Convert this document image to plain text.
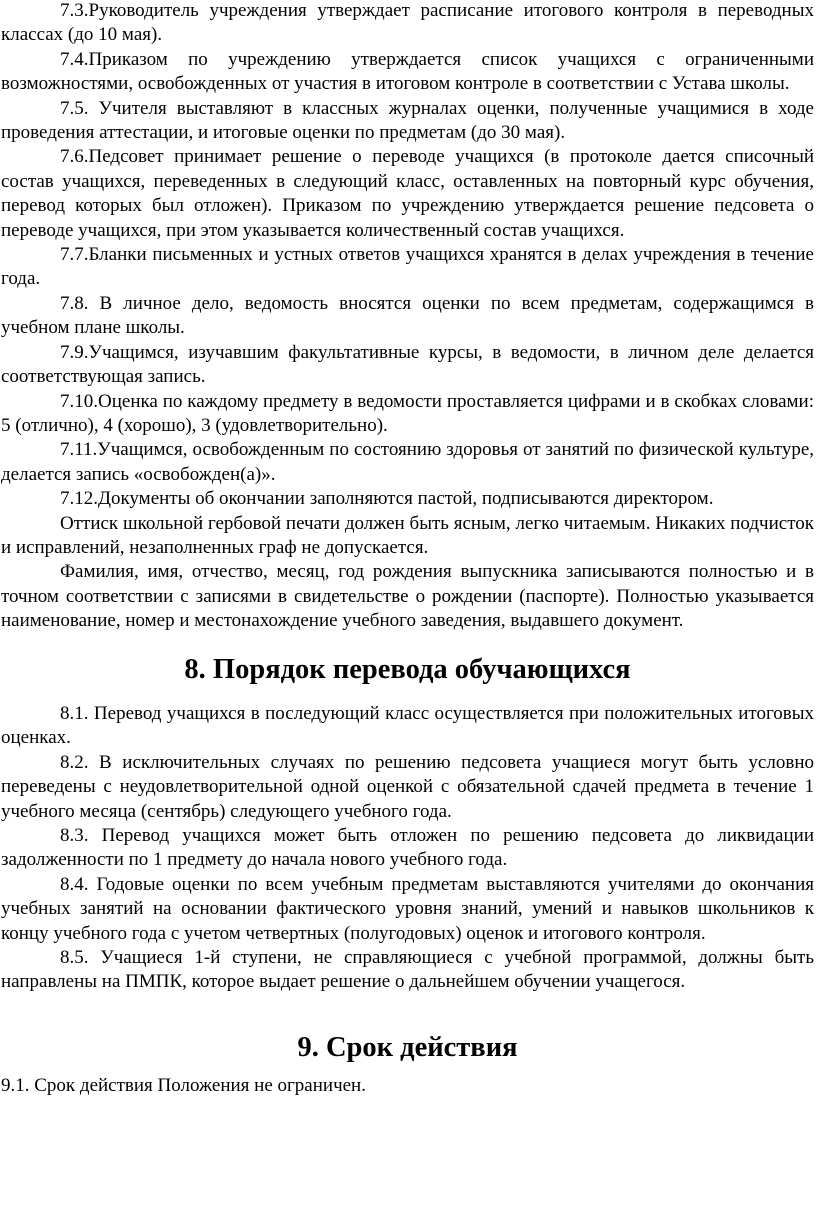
7.3.Руководитель учреждения утверждает расписание итогового контроля в переводных классах (до 10 мая).

7.4.Приказом по учреждению утверждается список учащихся с ограниченными возможностями, освобожденных от участия в итоговом контроле в соответствии с Устава школы.

7.5. Учителя выставляют в классных журналах оценки, полученные учащимися в ходе проведения аттестации, и итоговые оценки по предметам (до 30 мая).

7.6.Педсовет принимает решение о переводе учащихся (в протоколе дается списочный состав учащихся, переведенных в следующий класс, оставленных на повторный курс обучения, перевод которых был отложен). Приказом по учреждению утверждается решение педсовета о переводе учащихся, при этом указывается количественный состав учащихся.

7.7.Бланки письменных и устных ответов учащихся хранятся в делах учреждения в течение года.

7.8. В личное дело, ведомость вносятся оценки по всем предметам, содержащимся в учебном плане школы.

7.9.Учащимся, изучавшим факультативные курсы, в ведомости, в личном деле делается соответствующая запись.

7.10.Оценка по каждому предмету в ведомости проставляется цифрами и в скобках словами: 5 (отлично), 4 (хорошо), 3 (удовлетворительно).

7.11.Учащимся, освобожденным по состоянию здоровья от занятий по физической культуре, делается запись «освобожден(а)».

7.12.Документы об окончании заполняются пастой, подписываются директором.

Оттиск школьной гербовой печати должен быть ясным, легко читаемым. Никаких подчисток и исправлений, незаполненных граф не допускается.

Фамилия, имя, отчество, месяц, год рождения выпускника записываются полностью и в точном соответствии с записями в свидетельстве о рождении (паспорте). Полностью указывается наименование, номер и местонахождение учебного заведения, выдавшего документ.

8. Порядок перевода обучающихся

8.1. Перевод учащихся в последующий класс осуществляется при положительных итоговых оценках.

8.2. В исключительных случаях по решению педсовета учащиеся могут быть условно переведены с неудовлетворительной одной оценкой с обязательной сдачей предмета в течение 1 учебного месяца (сентябрь) следующего учебного года.

8.3. Перевод учащихся может быть отложен по решению педсовета до ликвидации задолженности по 1 предмету до начала нового учебного года.

8.4. Годовые оценки по всем учебным предметам выставляются учителями до окончания учебных занятий на основании фактического уровня знаний, умений и навыков школьников к концу учебного года с учетом четвертных (полугодовых) оценок и итогового контроля.

8.5. Учащиеся 1-й ступени, не справляющиеся с учебной программой, должны быть направлены на ПМПК, которое выдает решение о дальнейшем обучении учащегося.

9. Срок действия

9.1. Срок действия Положения не ограничен.
